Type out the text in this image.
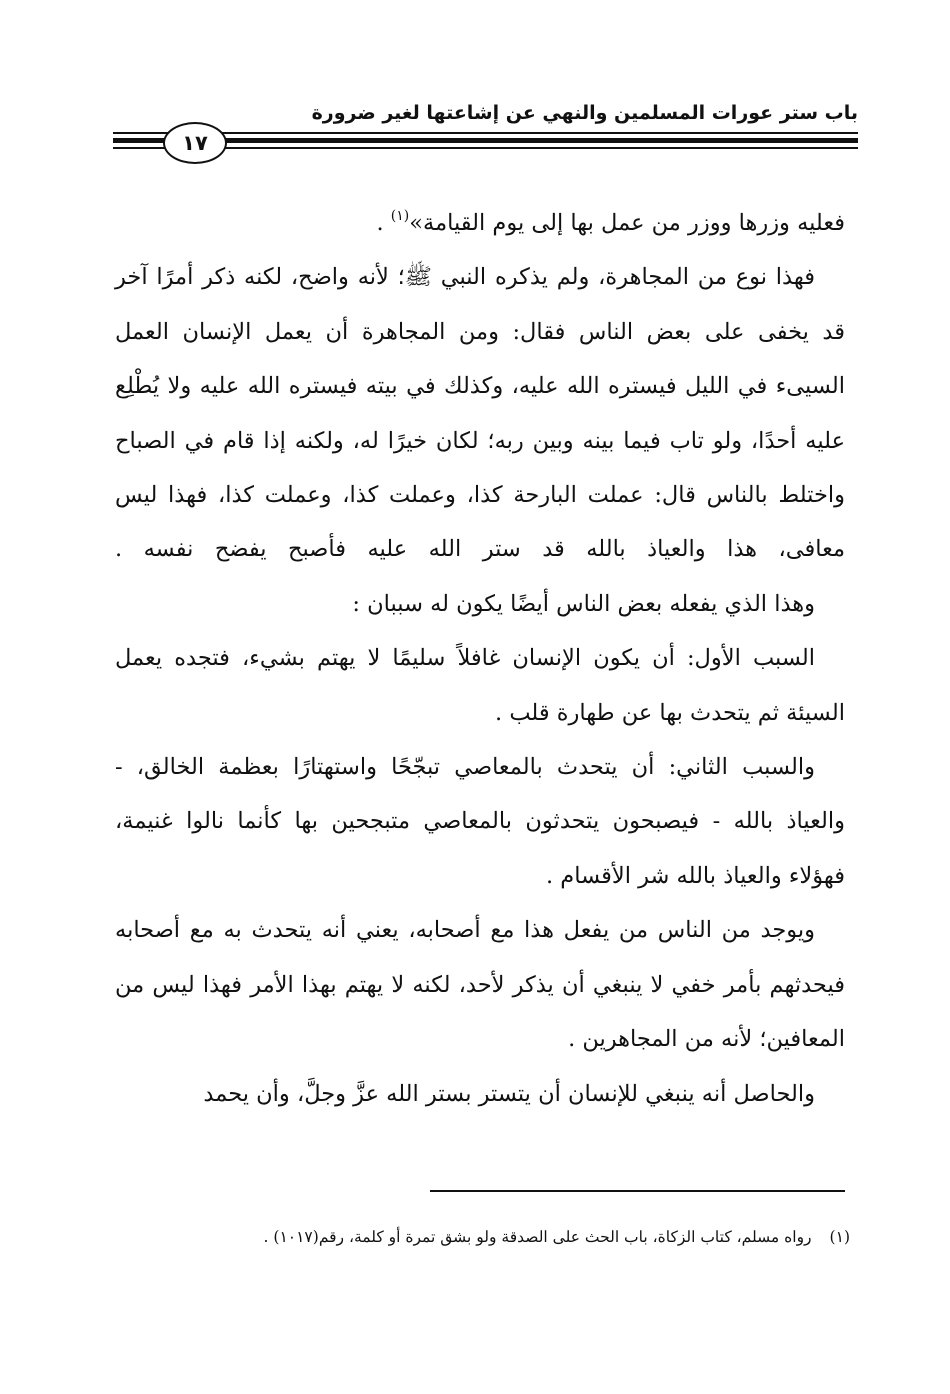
باب ستر عورات المسلمين والنهي عن إشاعتها لغير ضرورة
١٧

فعليه وزرها ووزر من عمل بها إلى يوم القيامة»$^{(١)}$ .

فهذا نوع من المجاهرة، ولم يذكره النبي ﷺ؛ لأنه واضح، لكنه ذكر أمرًا آخر قد يخفى على بعض الناس فقال: ومن المجاهرة أن يعمل الإنسان العمل السيىء في الليل فيستره الله عليه، وكذلك في بيته فيستره الله عليه ولا يُطْلِع عليه أحدًا، ولو تاب فيما بينه وبين ربه؛ لكان خيرًا له، ولكنه إذا قام في الصباح واختلط بالناس قال: عملت البارحة كذا، وعملت كذا، وعملت كذا، فهذا ليس معافى، هذا والعياذ بالله قد ستر الله عليه فأصبح يفضح نفسه .

وهذا الذي يفعله بعض الناس أيضًا يكون له سببان :

السبب الأول: أن يكون الإنسان غافلاً سليمًا لا يهتم بشيء، فتجده يعمل السيئة ثم يتحدث بها عن طهارة قلب .

والسبب الثاني: أن يتحدث بالمعاصي تبجّحًا واستهتارًا بعظمة الخالق، - والعياذ بالله - فيصبحون يتحدثون بالمعاصي متبجحين بها كأنما نالوا غنيمة، فهؤلاء والعياذ بالله شر الأقسام .

ويوجد من الناس من يفعل هذا مع أصحابه، يعني أنه يتحدث به مع أصحابه فيحدثهم بأمر خفي لا ينبغي أن يذكر لأحد، لكنه لا يهتم بهذا الأمر فهذا ليس من المعافين؛ لأنه من المجاهرين .

والحاصل أنه ينبغي للإنسان أن يتستر بستر الله عزَّ وجلَّ، وأن يحمد

(١)رواه مسلم، كتاب الزكاة، باب الحث على الصدقة ولو بشق تمرة أو كلمة، رقم(١٠١٧) .
